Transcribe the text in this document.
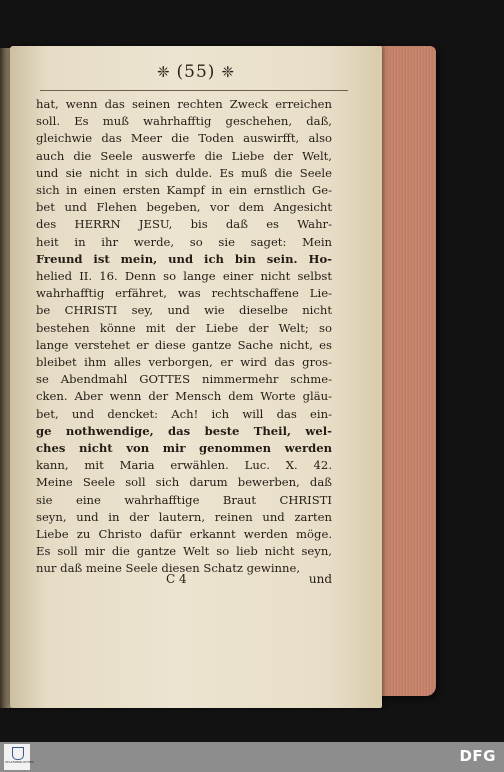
❈ (55) ❈
hat, wenn das seinen rechten Zweck erreichen
soll. Es muß wahrhafftig geschehen, daß,
gleichwie das Meer die Toden auswirfft, also
auch die Seele auswerfe die Liebe der Welt,
und sie nicht in sich dulde. Es muß die Seele
sich in einen ersten Kampf in ein ernstlich Ge-
bet und Flehen begeben, vor dem Angesicht
des HERRN JESU, bis daß es Wahr-
heit in ihr werde, so sie saget: Mein
Freund ist mein, und ich bin sein. Ho-
helied II. 16. Denn so lange einer nicht selbst
wahrhafftig erfähret, was rechtschaffene Lie-
be CHRISTI sey, und wie dieselbe nicht
bestehen könne mit der Liebe der Welt; so
lange verstehet er diese gantze Sache nicht, es
bleibet ihm alles verborgen, er wird das gros-
se Abendmahl GOTTES nimmermehr schme-
cken. Aber wenn der Mensch dem Worte gläu-
bet, und dencket: Ach! ich will das ein-
ge nothwendige, das beste Theil, wel-
ches nicht von mir genommen werden
kann, mit Maria erwählen. Luc. X. 42.
Meine Seele soll sich darum bewerben, daß
sie eine wahrhafftige Braut CHRISTI
seyn, und in der lautern, reinen und zarten
Liebe zu Christo dafür erkannt werden möge.
Es soll mir die gantze Welt so lieb nicht seyn,
nur daß meine Seele diesen Schatz gewinne,
C 4	und
STAATSBIBLIOTHEK	DFG
